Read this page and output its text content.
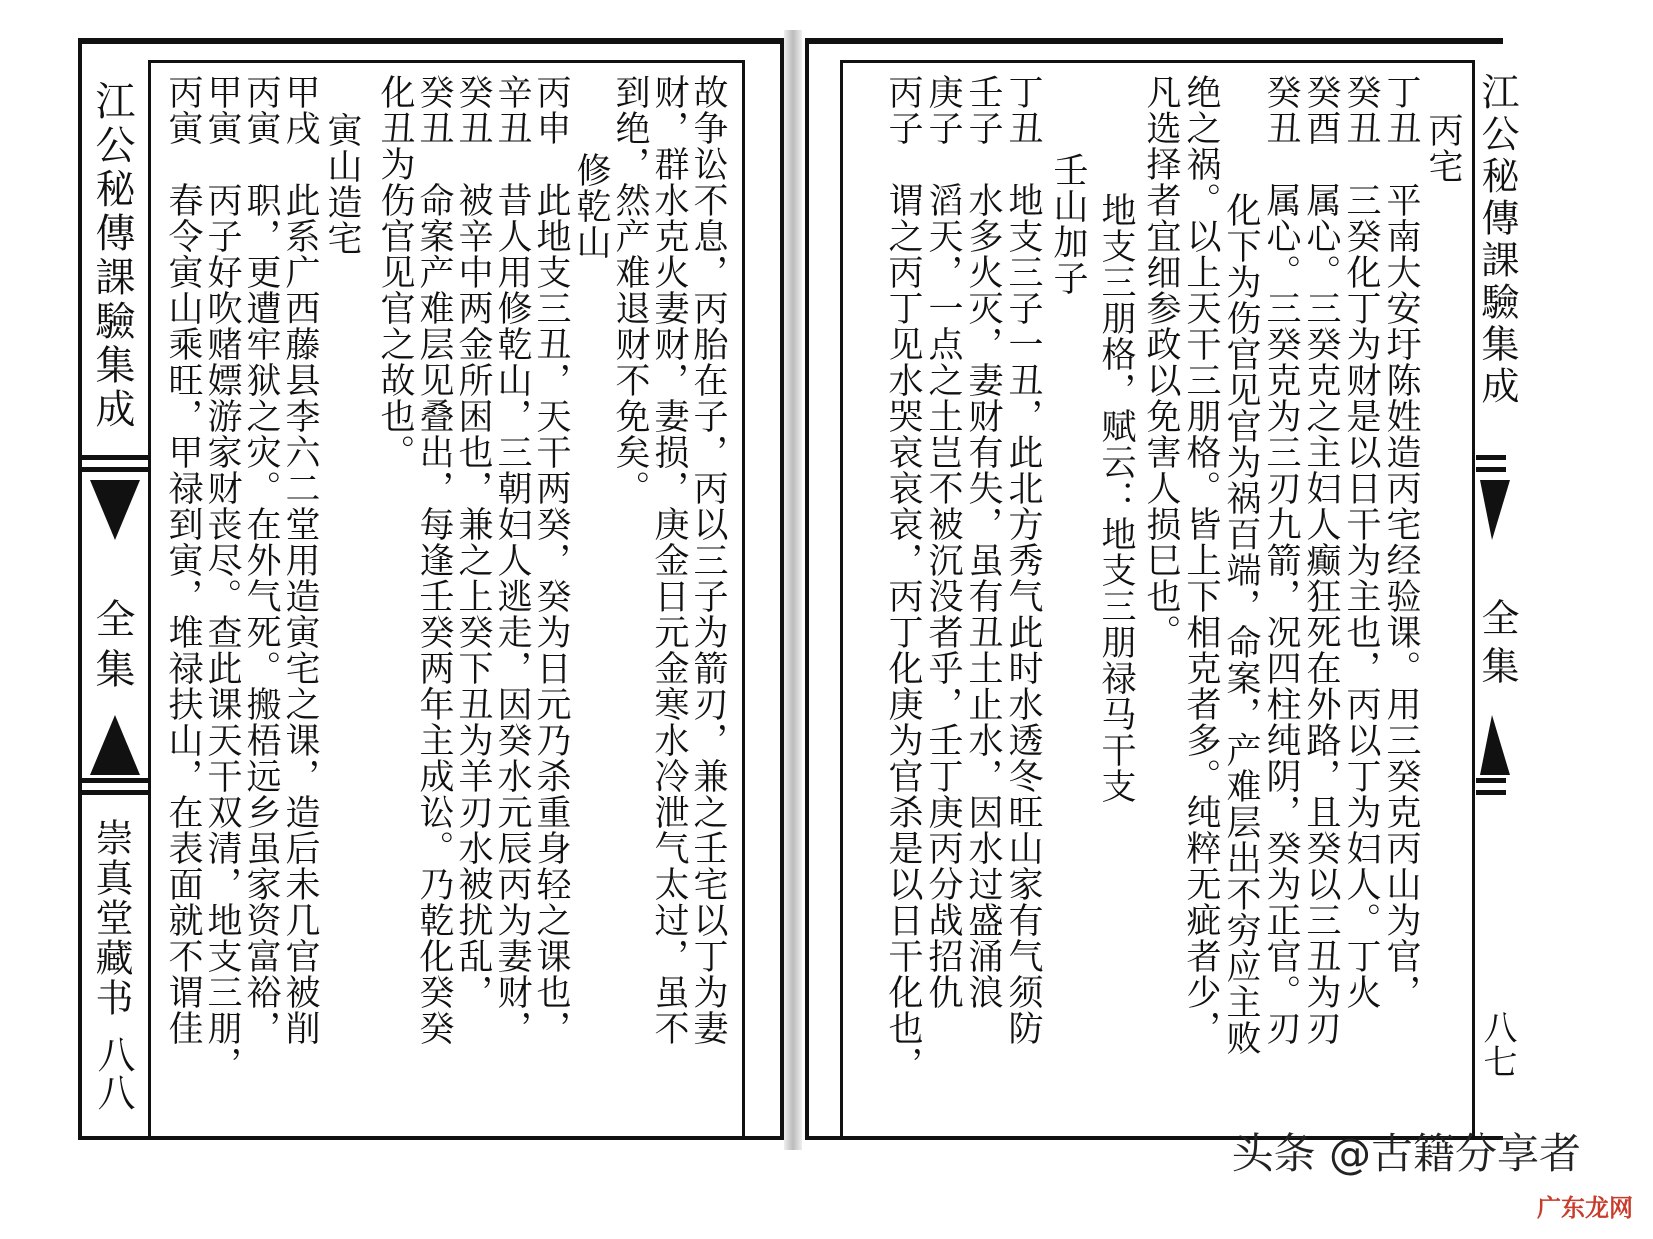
江公秘傳課驗集成
全集
崇真堂藏书
八八
故争讼不息，丙胎在子，丙以三子为箭刃，兼之壬宅以丁为妻
财，群水克火妻财，妻损，庚金日元金寒水冷泄气太过，虽不
到绝，然产难退财不免矣。
修乾山
丙申　此地支三丑，天干两癸，癸为日元乃杀重身轻之课也，
辛丑　昔人用修乾山，三朝妇人逃走，因癸水元辰丙为妻财，
癸丑　被辛中两金所困也，兼之上癸下丑为羊刃水被扰乱，
癸丑　命案产难层见叠出，每逢壬癸两年主成讼。乃乾化癸癸
化丑为伤官见官之故也。
寅山造宅
甲戌　此系广西藤县李六二堂用造寅宅之课，造后未几官被削
丙寅　职，更遭牢狱之灾。在外气死。搬梧远乡虽家资富裕，
甲寅　丙子好吹赌嫖游家财丧尽。查此课天干双清，地支三朋，
丙寅　春令寅山乘旺，甲禄到寅，堆禄扶山，在表面就不谓佳	江公秘傳課驗集成
全集
八七
丙宅
丁丑　平南大安圩陈姓造丙宅经验课。用三癸克丙山为官，
癸丑　三癸化丁为财是以日干为主也，丙以丁为妇人。丁火
癸酉　属心。三癸克之主妇人癫狂死在外路，且癸以三丑为刃
癸丑　属心。三癸克为三刃九箭，况四柱纯阴，癸为正官。刃
化下为伤官见官为祸百端，命案，产难层出不穷应主败
绝之祸。以上天干三朋格。皆上下相克者多。纯粹无疵者少，
凡选择者宜细参政以免害人损巳也。
地支三朋格，赋云：地支三朋禄马干支
壬山加子
丁丑　地支三子一丑，此北方秀气此时水透冬旺山家有气须防
壬子　水多火灭，妻财有失，虽有丑土止水，因水过盛涌浪
庚子　滔天，一点之土岂不被沉没者乎，壬丁庚丙分战招仇
丙子　谓之丙丁见水哭哀哀哀，丙丁化庚为官杀是以日干化也，
头条 @古籍分享者
广东龙网
